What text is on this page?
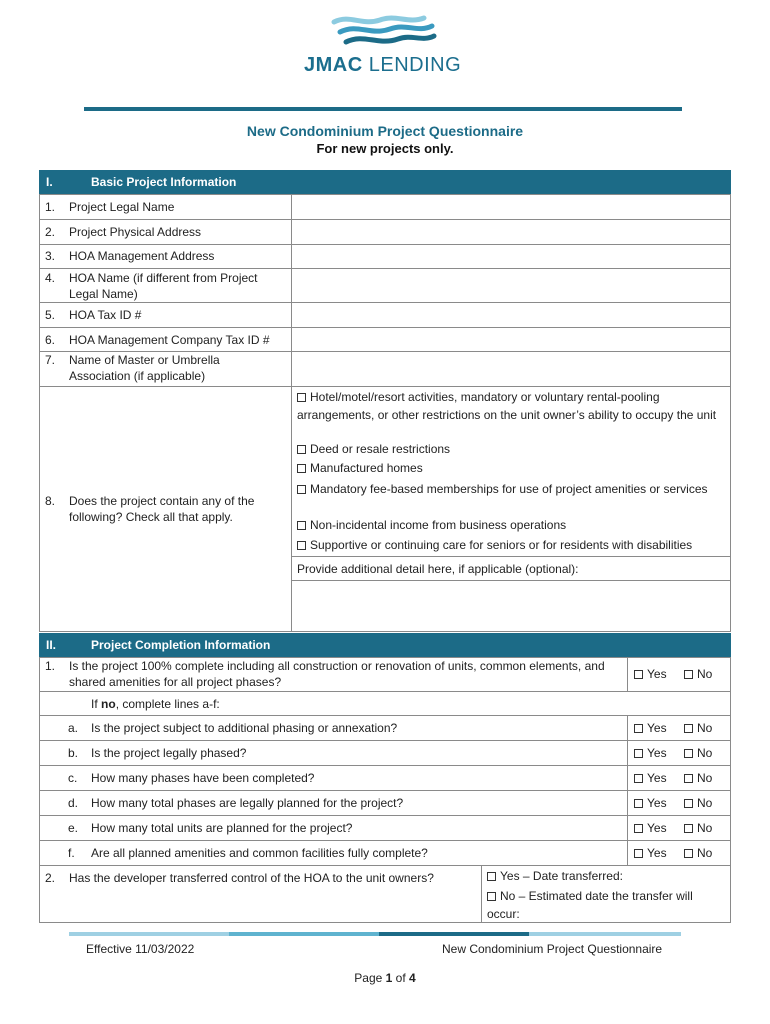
JMAC LENDING
New Condominium Project Questionnaire
For new projects only.
I.	Basic Project Information
1. Project Legal Name
2. Project Physical Address
3. HOA Management Address
4. HOA Name (if different from Project Legal Name)
5. HOA Tax ID #
6. HOA Management Company Tax ID #
7. Name of Master or Umbrella Association (if applicable)
8. Does the project contain any of the following? Check all that apply.
Hotel/motel/resort activities, mandatory or voluntary rental-pooling arrangements, or other restrictions on the unit owner’s ability to occupy the unit
Deed or resale restrictions
Manufactured homes
Mandatory fee-based memberships for use of project amenities or services
Non-incidental income from business operations
Supportive or continuing care for seniors or for residents with disabilities
Provide additional detail here, if applicable (optional):
II.	Project Completion Information
1. Is the project 100% complete including all construction or renovation of units, common elements, and shared amenities for all project phases?
Yes	No
If no, complete lines a-f:
a. Is the project subject to additional phasing or annexation?	Yes	No
b. Is the project legally phased?	Yes	No
c. How many phases have been completed?	Yes	No
d. How many total phases are legally planned for the project?	Yes	No
e. How many total units are planned for the project?	Yes	No
f. Are all planned amenities and common facilities fully complete?	Yes	No
2. Has the developer transferred control of the HOA to the unit owners?	Yes – Date transferred:
No – Estimated date the transfer will occur:
Effective 11/03/2022	New Condominium Project Questionnaire
Page 1 of 4
